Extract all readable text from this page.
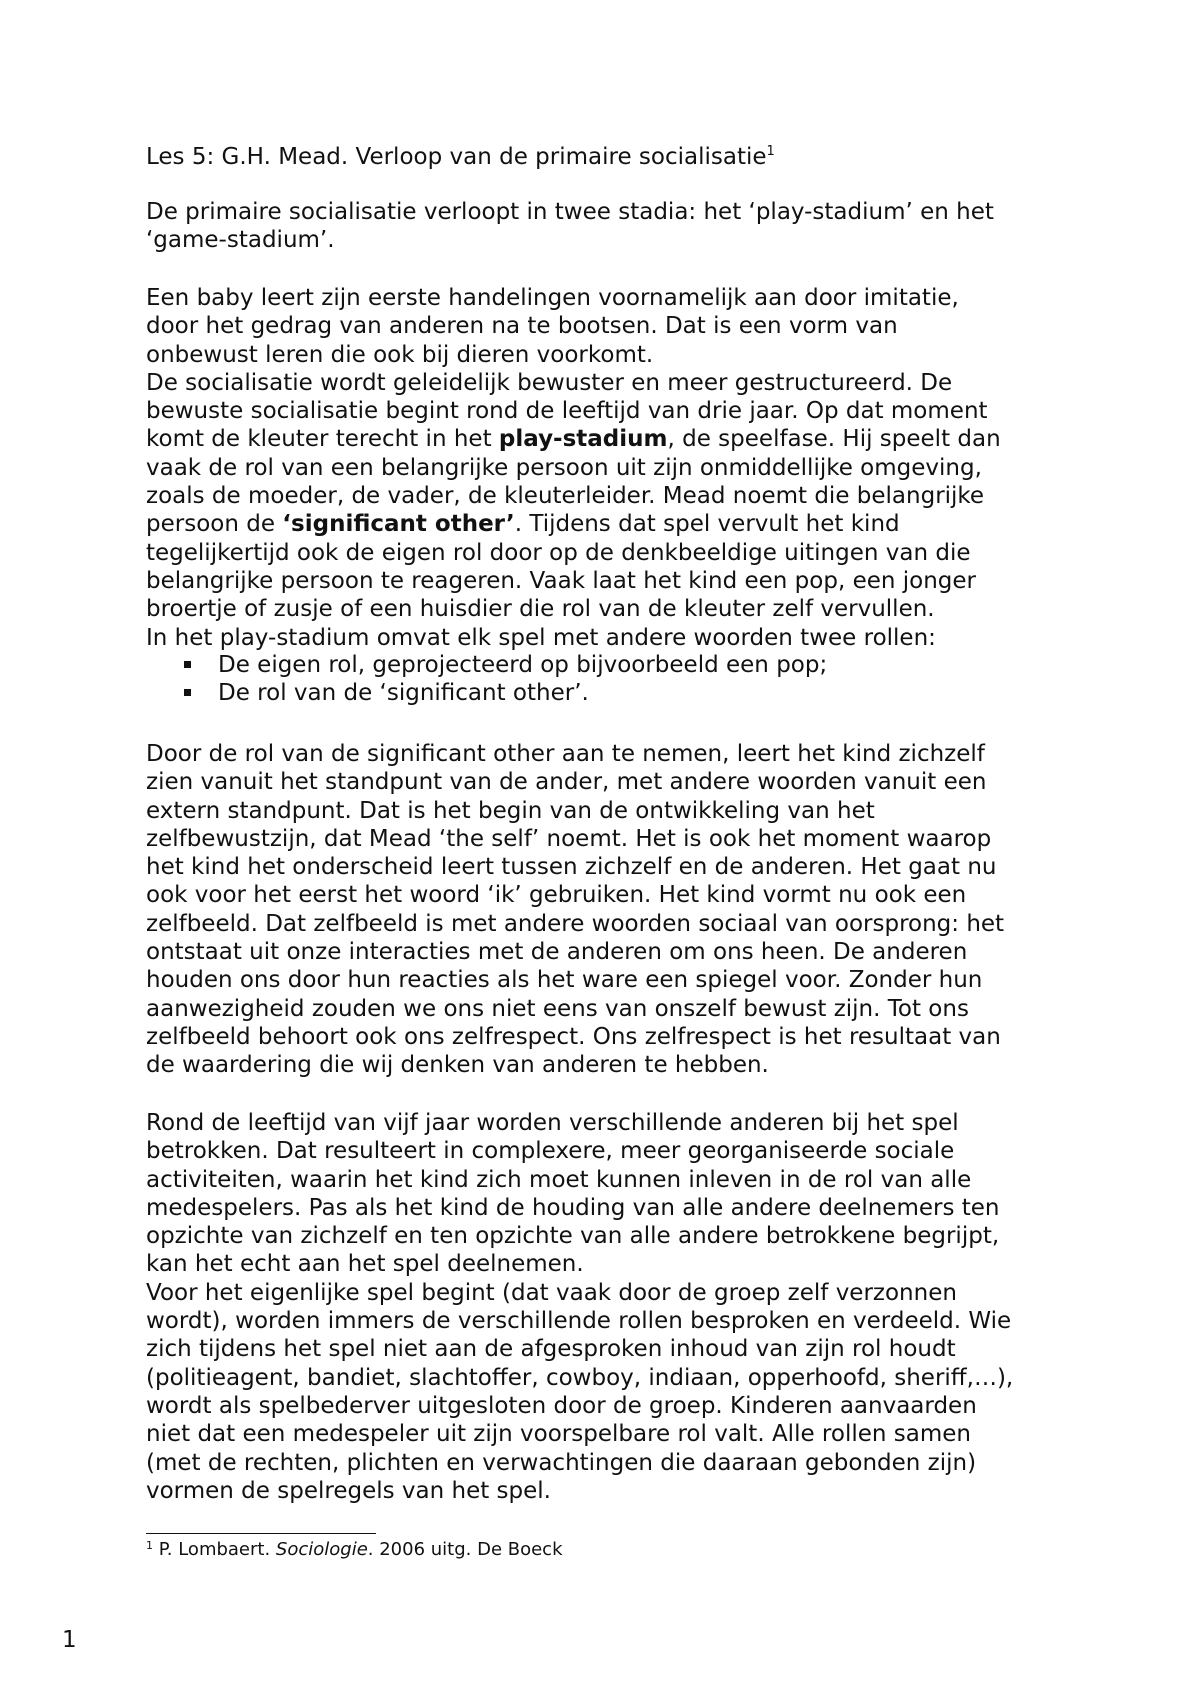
Les 5: G.H. Mead. Verloop van de primaire socialisatie$^1$
De primaire socialisatie verloopt in twee stadia: het ‘play-stadium’ en het
‘game-stadium’.
Een baby leert zijn eerste handelingen voornamelijk aan door imitatie,
door het gedrag van anderen na te bootsen. Dat is een vorm van
onbewust leren die ook bij dieren voorkomt.
De socialisatie wordt geleidelijk bewuster en meer gestructureerd. De
bewuste socialisatie begint rond de leeftijd van drie jaar. Op dat moment
komt de kleuter terecht in het play-stadium, de speelfase. Hij speelt dan
vaak de rol van een belangrijke persoon uit zijn onmiddellijke omgeving,
zoals de moeder, de vader, de kleuterleider. Mead noemt die belangrijke
persoon de ‘significant other’. Tijdens dat spel vervult het kind
tegelijkertijd ook de eigen rol door op de denkbeeldige uitingen van die
belangrijke persoon te reageren. Vaak laat het kind een pop, een jonger
broertje of zusje of een huisdier die rol van de kleuter zelf vervullen.
In het play-stadium omvat elk spel met andere woorden twee rollen:
De eigen rol, geprojecteerd op bijvoorbeeld een pop;
De rol van de ‘significant other’.
Door de rol van de significant other aan te nemen, leert het kind zichzelf
zien vanuit het standpunt van de ander, met andere woorden vanuit een
extern standpunt. Dat is het begin van de ontwikkeling van het
zelfbewustzijn, dat Mead ‘the self’ noemt. Het is ook het moment waarop
het kind het onderscheid leert tussen zichzelf en de anderen. Het gaat nu
ook voor het eerst het woord ‘ik’ gebruiken. Het kind vormt nu ook een
zelfbeeld. Dat zelfbeeld is met andere woorden sociaal van oorsprong: het
ontstaat uit onze interacties met de anderen om ons heen. De anderen
houden ons door hun reacties als het ware een spiegel voor. Zonder hun
aanwezigheid zouden we ons niet eens van onszelf bewust zijn. Tot ons
zelfbeeld behoort ook ons zelfrespect. Ons zelfrespect is het resultaat van
de waardering die wij denken van anderen te hebben.
Rond de leeftijd van vijf jaar worden verschillende anderen bij het spel
betrokken. Dat resulteert in complexere, meer georganiseerde sociale
activiteiten, waarin het kind zich moet kunnen inleven in de rol van alle
medespelers. Pas als het kind de houding van alle andere deelnemers ten
opzichte van zichzelf en ten opzichte van alle andere betrokkene begrijpt,
kan het echt aan het spel deelnemen.
Voor het eigenlijke spel begint (dat vaak door de groep zelf verzonnen
wordt), worden immers de verschillende rollen besproken en verdeeld. Wie
zich tijdens het spel niet aan de afgesproken inhoud van zijn rol houdt
(politieagent, bandiet, slachtoffer, cowboy, indiaan, opperhoofd, sheriff,…),
wordt als spelbederver uitgesloten door de groep. Kinderen aanvaarden
niet dat een medespeler uit zijn voorspelbare rol valt. Alle rollen samen
(met de rechten, plichten en verwachtingen die daaraan gebonden zijn)
vormen de spelregels van het spel.
$^1$ P. Lombaert. Sociologie. 2006 uitg. De Boeck
1
